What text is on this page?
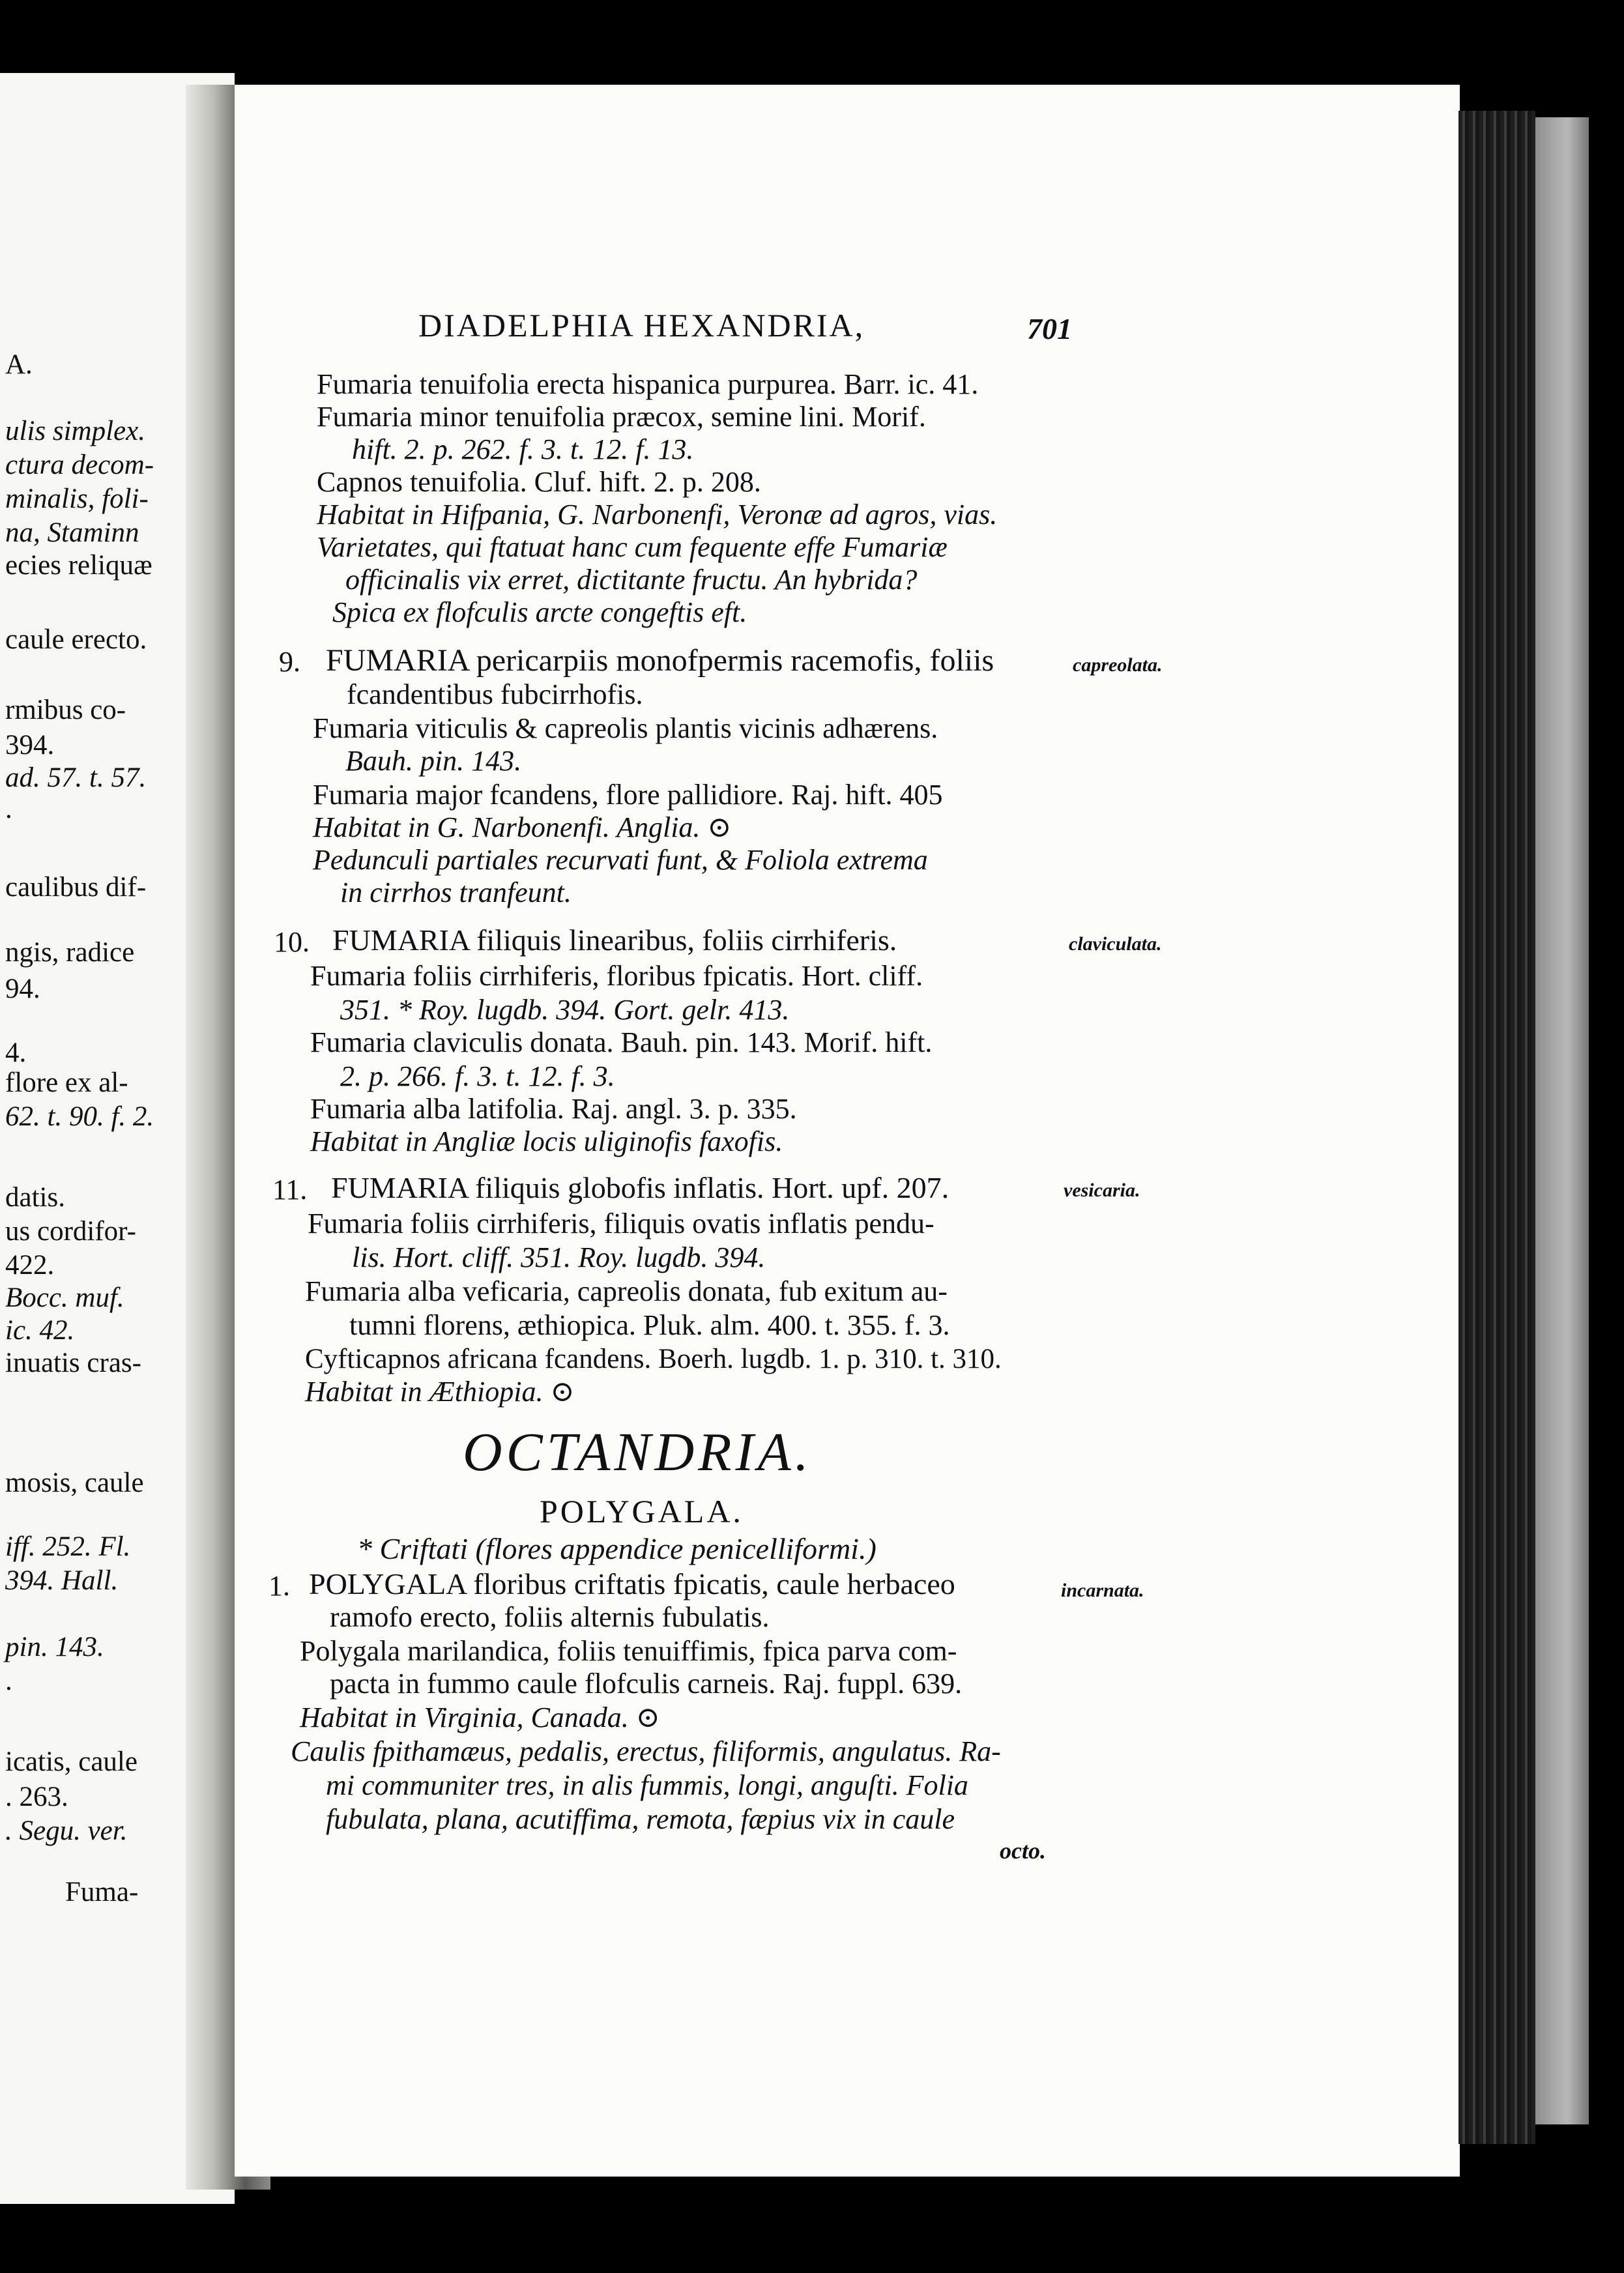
A.
ulis simplex.
ctura decom-
minalis, foli-
na, Staminn
ecies reliquæ
caule erecto.
rmibus co-
394.
ad. 57. t. 57.
.
caulibus dif-
ngis, radice
94.
4.
flore ex al-
62. t. 90. f. 2.
datis.
us cordifor-
422.
Bocc. muf.
ic. 42.
inuatis cras-
mosis, caule
iff. 252. Fl.
394. Hall.
pin. 143.
.
icatis, caule
. 263.
. Segu. ver.
Fuma-
DIADELPHIA HEXANDRIA,	701
Fumaria tenuifolia erecta hispanica purpurea. Barr. ic. 41.
Fumaria minor tenuifolia præcox, semine lini. Morif.
hift. 2. p. 262. f. 3. t. 12. f. 13.
Capnos tenuifolia. Cluf. hift. 2. p. 208.
Habitat in Hifpania, G. Narbonenfi, Veronæ ad agros, vias.
Varietates, qui ftatuat hanc cum fequente effe Fumariæ
officinalis vix erret, dictitante fructu. An hybrida?
Spica ex flofculis arcte congeftis eft.
9. FUMARIA pericarpiis monofpermis racemofis, foliis	capreolata.
fcandentibus fubcirrhofis.
Fumaria viticulis & capreolis plantis vicinis adhærens.
Bauh. pin. 143.
Fumaria major fcandens, flore pallidiore. Raj. hift. 405
Habitat in G. Narbonenfi. Anglia. ⊙
Pedunculi partiales recurvati funt, & Foliola extrema
in cirrhos tranfeunt.
10. FUMARIA filiquis linearibus, foliis cirrhiferis.	claviculata.
Fumaria foliis cirrhiferis, floribus fpicatis. Hort. cliff.
351. * Roy. lugdb. 394. Gort. gelr. 413.
Fumaria claviculis donata. Bauh. pin. 143. Morif. hift.
2. p. 266. f. 3. t. 12. f. 3.
Fumaria alba latifolia. Raj. angl. 3. p. 335.
Habitat in Angliæ locis uliginofis faxofis.
11. FUMARIA filiquis globofis inflatis. Hort. upf. 207.	vesicaria.
Fumaria foliis cirrhiferis, filiquis ovatis inflatis pendu-
lis. Hort. cliff. 351. Roy. lugdb. 394.
Fumaria alba veficaria, capreolis donata, fub exitum au-
tumni florens, æthiopica. Pluk. alm. 400. t. 355. f. 3.
Cyfticapnos africana fcandens. Boerh. lugdb. 1. p. 310. t. 310.
Habitat in Æthiopia. ⊙
OCTANDRIA.
POLYGALA.
* Criftati (flores appendice penicelliformi.)
1. POLYGALA floribus criftatis fpicatis, caule herbaceo	incarnata.
ramofo erecto, foliis alternis fubulatis.
Polygala marilandica, foliis tenuiffimis, fpica parva com-
pacta in fummo caule flofculis carneis. Raj. fuppl. 639.
Habitat in Virginia, Canada. ⊙
Caulis fpithamæus, pedalis, erectus, filiformis, angulatus. Ra-
mi communiter tres, in alis fummis, longi, anguſti. Folia
fubulata, plana, acutiffima, remota, fæpius vix in caule
octo.
